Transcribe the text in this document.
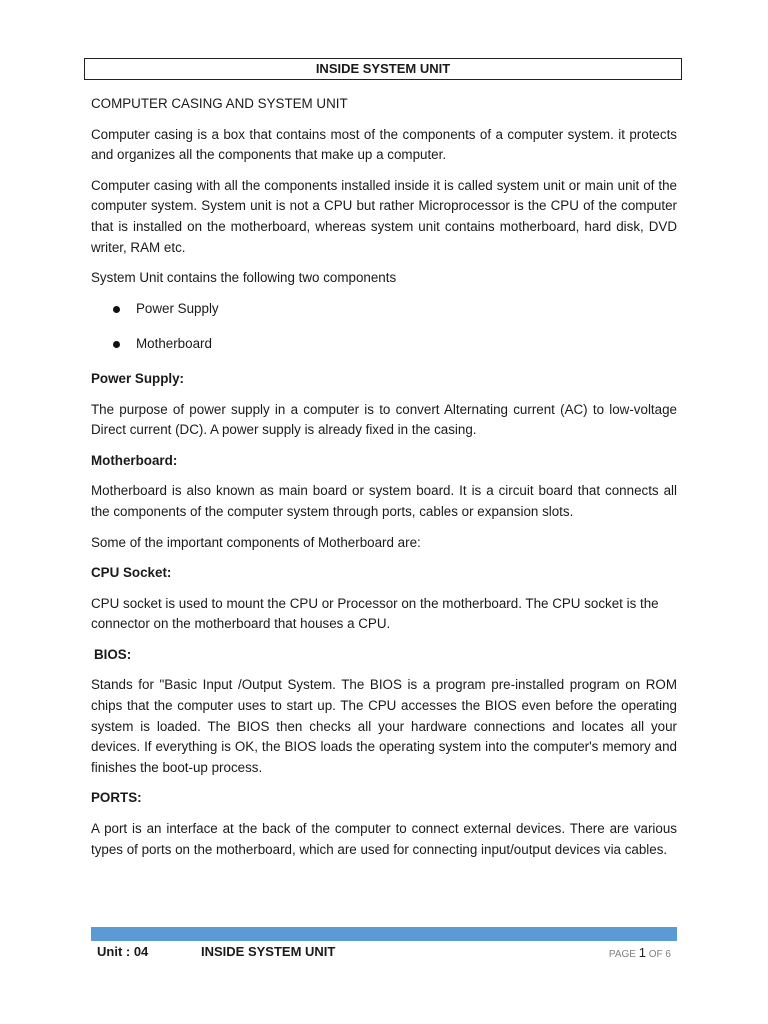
INSIDE SYSTEM UNIT
COMPUTER CASING AND SYSTEM UNIT

Computer casing is a box that contains most of the components of a computer system. it protects and organizes all the components that make up a computer.

Computer casing with all the components installed inside it is called system unit or main unit of the computer system. System unit is not a CPU but rather Microprocessor is the CPU of the computer that is installed on the motherboard, whereas system unit contains motherboard, hard disk, DVD writer, RAM etc.

System Unit contains the following two components

Power Supply
Motherboard
Power Supply:

The purpose of power supply in a computer is to convert Alternating current (AC) to low-voltage Direct current (DC). A power supply is already fixed in the casing.

Motherboard:

Motherboard is also known as main board or system board. It is a circuit board that connects all the components of the computer system through ports, cables or expansion slots.

Some of the important components of Motherboard are:

CPU Socket:

CPU socket is used to mount the CPU or Processor on the motherboard. The CPU socket is the connector on the motherboard that houses a CPU.

BIOS:

Stands for "Basic Input /Output System. The BIOS is a program pre-installed program on ROM chips that the computer uses to start up. The CPU accesses the BIOS even before the operating system is loaded. The BIOS then checks all your hardware connections and locates all your devices. If everything is OK, the BIOS loads the operating system into the computer's memory and finishes the boot-up process.

PORTS:

A port is an interface at the back of the computer to connect external devices. There are various types of ports on the motherboard, which are used for connecting input/output devices via cables.

Unit : 04	INSIDE SYSTEM UNIT	PAGE 1 OF 6
